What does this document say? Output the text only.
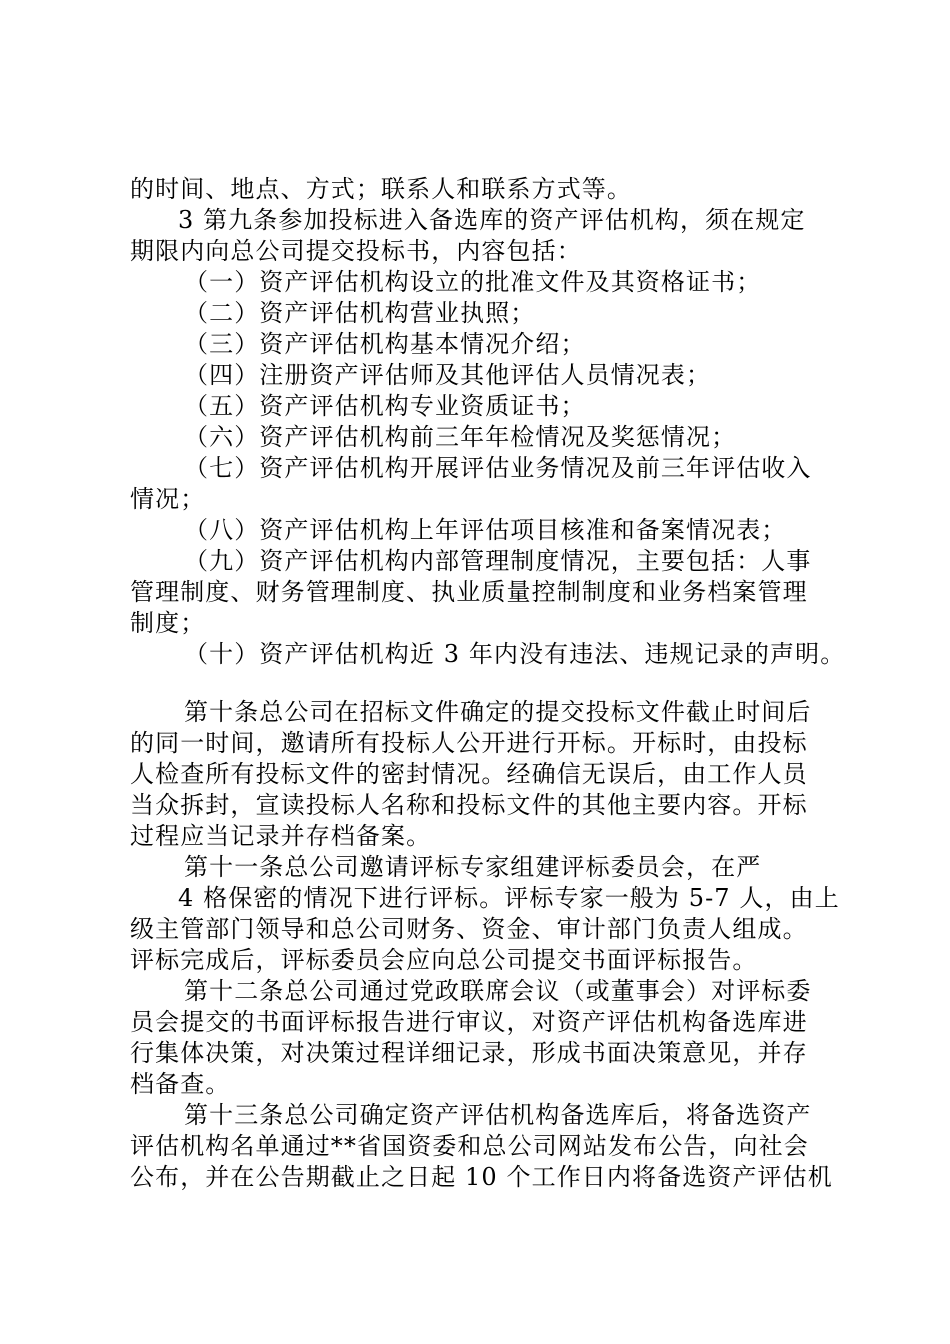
的时间、地点、方式；联系人和联系方式等。
3 第九条参加投标进入备选库的资产评估机构，须在规定
期限内向总公司提交投标书，内容包括：
（一）资产评估机构设立的批准文件及其资格证书；
（二）资产评估机构营业执照；
（三）资产评估机构基本情况介绍；
（四）注册资产评估师及其他评估人员情况表；
（五）资产评估机构专业资质证书；
（六）资产评估机构前三年年检情况及奖惩情况；
（七）资产评估机构开展评估业务情况及前三年评估收入
情况；
（八）资产评估机构上年评估项目核准和备案情况表；
（九）资产评估机构内部管理制度情况，主要包括：人事
管理制度、财务管理制度、执业质量控制制度和业务档案管理
制度；
（十）资产评估机构近 3 年内没有违法、违规记录的声明。
第十条总公司在招标文件确定的提交投标文件截止时间后
的同一时间，邀请所有投标人公开进行开标。开标时，由投标
人检查所有投标文件的密封情况。经确信无误后，由工作人员
当众拆封，宣读投标人名称和投标文件的其他主要内容。开标
过程应当记录并存档备案。
第十一条总公司邀请评标专家组建评标委员会，在严
4 格保密的情况下进行评标。评标专家一般为 5-7 人，由上
级主管部门领导和总公司财务、资金、审计部门负责人组成。
评标完成后，评标委员会应向总公司提交书面评标报告。
第十二条总公司通过党政联席会议（或董事会）对评标委
员会提交的书面评标报告进行审议，对资产评估机构备选库进
行集体决策，对决策过程详细记录，形成书面决策意见，并存
档备查。
第十三条总公司确定资产评估机构备选库后，将备选资产
评估机构名单通过**省国资委和总公司网站发布公告，向社会
公布，并在公告期截止之日起 10 个工作日内将备选资产评估机
